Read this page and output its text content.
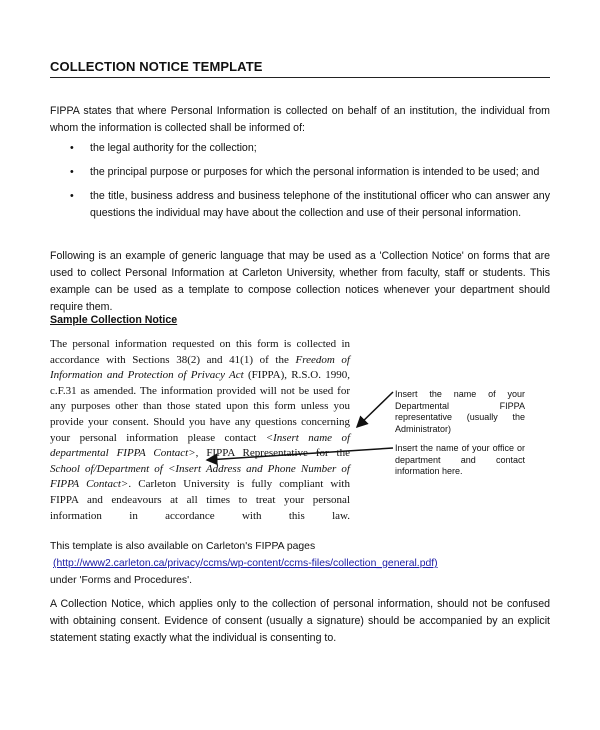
COLLECTION NOTICE TEMPLATE
FIPPA states that where Personal Information is collected on behalf of an institution, the individual from whom the information is collected shall be informed of:
• the legal authority for the collection;
• the principal purpose or purposes for which the personal information is intended to be used; and
• the title, business address and business telephone of the institutional officer who can answer any questions the individual may have about the collection and use of their personal information.
Following is an example of generic language that may be used as a 'Collection Notice' on forms that are used to collect Personal Information at Carleton University, whether from faculty, staff or students. This example can be used as a template to compose collection notices whenever your department should require them.
Sample Collection Notice
The personal information requested on this form is collected in accordance with Sections 38(2) and 41(1) of the Freedom of Information and Protection of Privacy Act (FIPPA), R.S.O. 1990, c.F.31 as amended. The information provided will not be used for any purposes other than those stated upon this form unless you provide your consent. Should you have any questions concerning your personal information please contact <Insert name of departmental FIPPA Contact>, FIPPA Representative for the School of/Department of <Insert Address and Phone Number of FIPPA Contact>. Carleton University is fully compliant with FIPPA and endeavours at all times to treat your personal information in accordance with this law.
Insert the name of your Departmental FIPPA representative (usually the Administrator)
Insert the name of your office or department and contact information here.
This template is also available on Carleton's FIPPA pages
(http://www2.carleton.ca/privacy/ccms/wp-content/ccms-files/collection_general.pdf)
under 'Forms and Procedures'.
A Collection Notice, which applies only to the collection of personal information, should not be confused with obtaining consent. Evidence of consent (usually a signature) should be accompanied by an explicit statement stating exactly what the individual is consenting to.
